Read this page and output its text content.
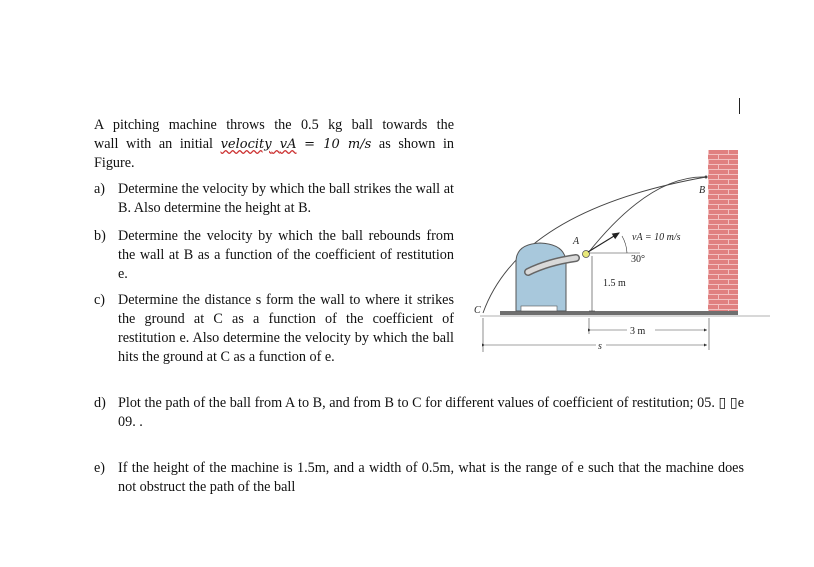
A pitching machine throws the 0.5 kg ball towards the
wall with an initial velocity vA = 10 m/s as shown in
Figure.
a) Determine the velocity by which the ball strikes the wall at B. Also determine the height at B.
b) Determine the velocity by which the ball rebounds from the wall at B as a function of the coefficient of restitution e.
c) Determine the distance s form the wall to where it strikes the ground at C as a function of the coefficient of restitution e. Also determine the velocity by which the ball hits the ground at C as a function of e.
d) Plot the path of the ball from A to B, and from B to C for different values of coefficient of restitution; 05. ▯ ▯e 09. .
e) If the height of the machine is 1.5m, and a width of 0.5m, what is the range of e such that the machine does not obstruct the path of the ball
A	vA = 10 m/s
30°
1.5 m
B
C
3 m
s
